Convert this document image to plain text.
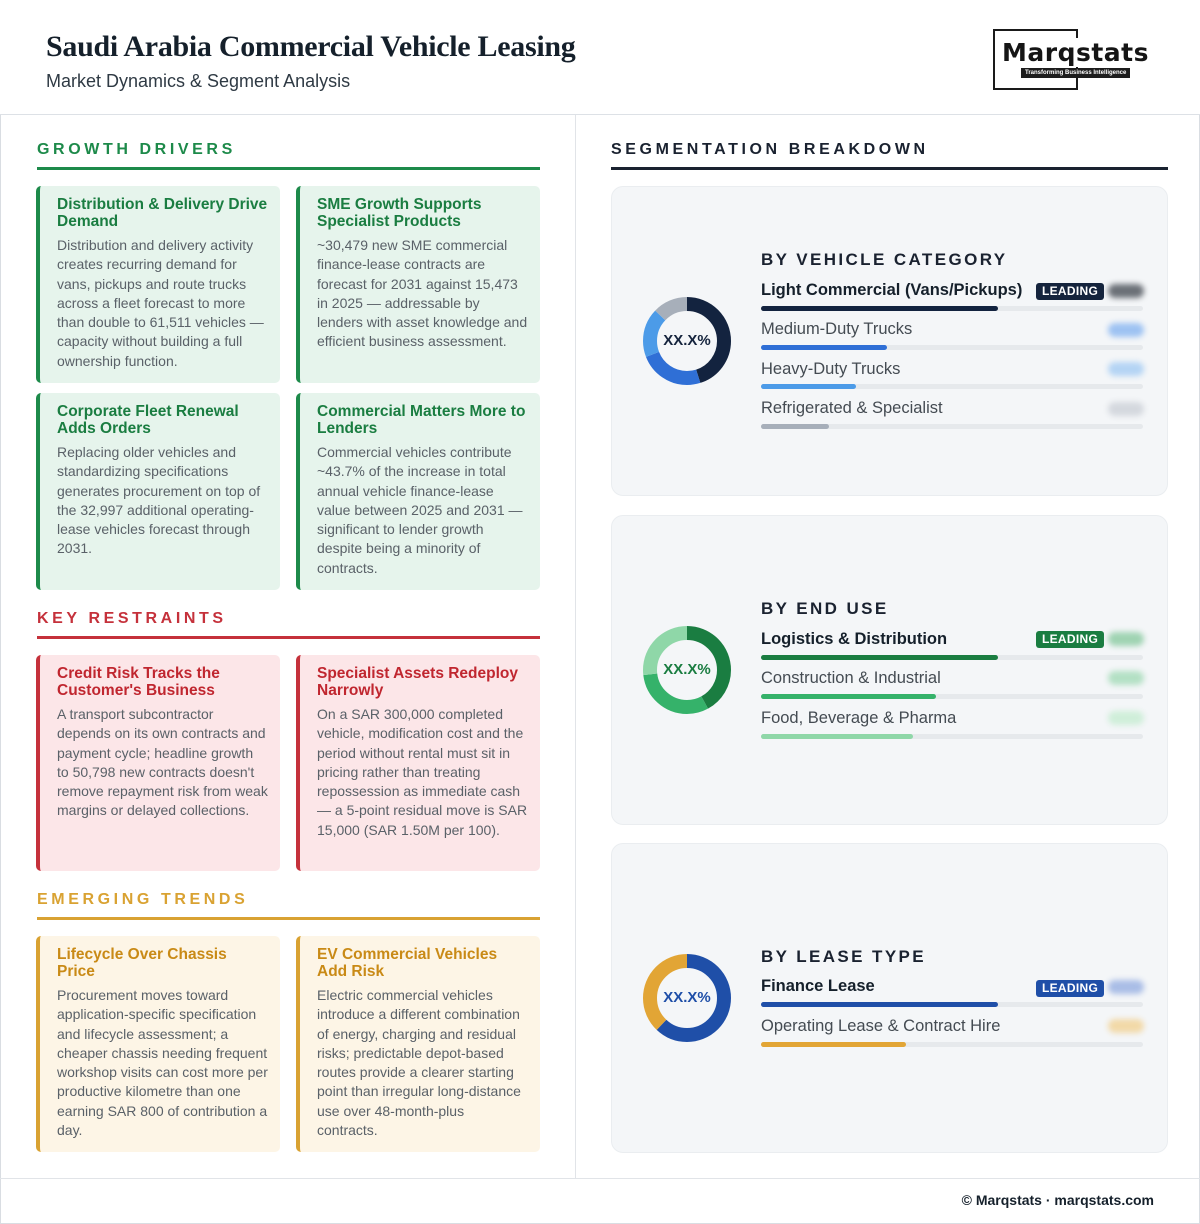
Saudi Arabia Commercial Vehicle Leasing
Market Dynamics & Segment Analysis
Marqstats
Transforming Business Intelligence
GROWTH DRIVERS
Distribution & Delivery Drive Demand

Distribution and delivery activity creates recurring demand for vans, pickups and route trucks across a fleet forecast to more than double to 61,511 vehicles — capacity without building a full ownership function.

SME Growth Supports Specialist Products

~30,479 new SME commercial finance-lease contracts are forecast for 2031 against 15,473 in 2025 — addressable by lenders with asset knowledge and efficient business assessment.

Corporate Fleet Renewal Adds Orders

Replacing older vehicles and standardizing specifications generates procurement on top of the 32,997 additional operating-lease vehicles forecast through 2031.

Commercial Matters More to Lenders

Commercial vehicles contribute ~43.7% of the increase in total annual vehicle finance-lease value between 2025 and 2031 — significant to lender growth despite being a minority of contracts.

KEY RESTRAINTS
Credit Risk Tracks the Customer's Business

A transport subcontractor depends on its own contracts and payment cycle; headline growth to 50,798 new contracts doesn't remove repayment risk from weak margins or delayed collections.

Specialist Assets Redeploy Narrowly

On a SAR 300,000 completed vehicle, modification cost and the period without rental must sit in pricing rather than treating repossession as immediate cash — a 5-point residual move is SAR 15,000 (SAR 1.50M per 100).

EMERGING TRENDS
Lifecycle Over Chassis Price

Procurement moves toward application-specific specification and lifecycle assessment; a cheaper chassis needing frequent workshop visits can cost more per productive kilometre than one earning SAR 800 of contribution a day.

EV Commercial Vehicles Add Risk

Electric commercial vehicles introduce a different combination of energy, charging and residual risks; predictable depot-based routes provide a clearer starting point than irregular long-distance use over 48-month-plus contracts.

SEGMENTATION BREAKDOWN
XX.X%
BY VEHICLE CATEGORY
Light Commercial (Vans/Pickups)	LEADING
Medium-Duty Trucks
Heavy-Duty Trucks
Refrigerated & Specialist
XX.X%
BY END USE
Logistics & Distribution	LEADING
Construction & Industrial
Food, Beverage & Pharma
XX.X%
BY LEASE TYPE
Finance Lease	LEADING
Operating Lease & Contract Hire
© Marqstats · marqstats.com
